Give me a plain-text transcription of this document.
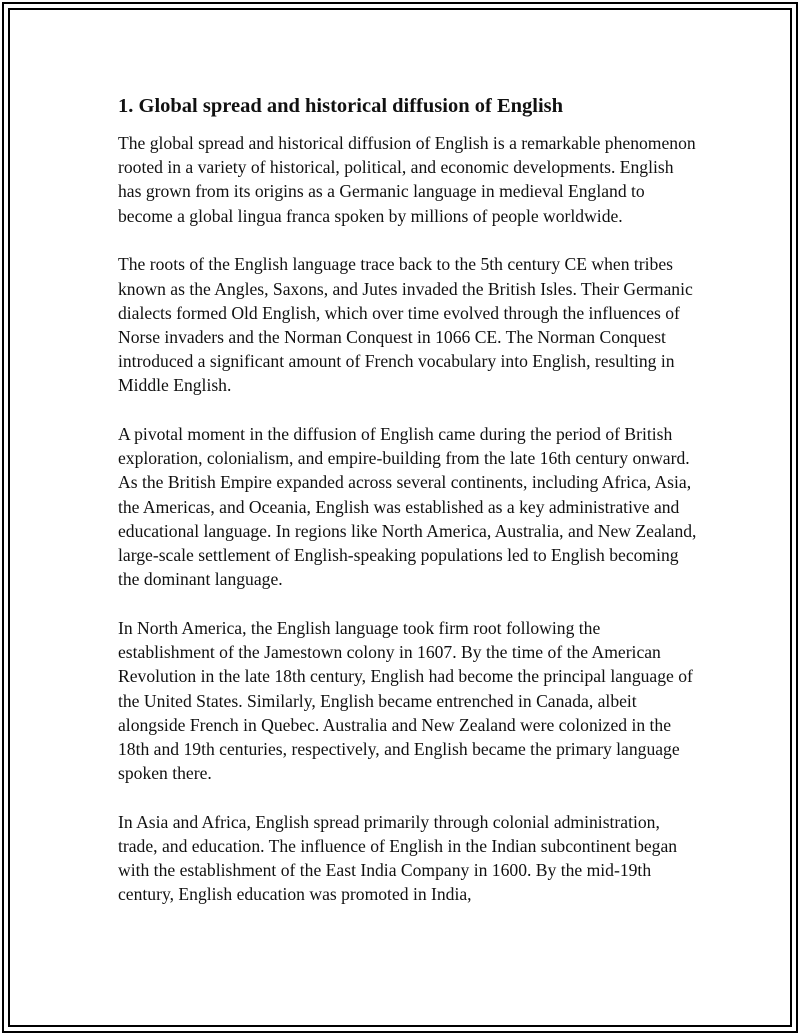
1. Global spread and historical diffusion of English

The global spread and historical diffusion of English is a remarkable phenomenon rooted in a variety of historical, political, and economic developments. English has grown from its origins as a Germanic language in medieval England to become a global lingua franca spoken by millions of people worldwide.

The roots of the English language trace back to the 5th century CE when tribes known as the Angles, Saxons, and Jutes invaded the British Isles. Their Germanic dialects formed Old English, which over time evolved through the influences of Norse invaders and the Norman Conquest in 1066 CE. The Norman Conquest introduced a significant amount of French vocabulary into English, resulting in Middle English.

A pivotal moment in the diffusion of English came during the period of British exploration, colonialism, and empire-building from the late 16th century onward. As the British Empire expanded across several continents, including Africa, Asia, the Americas, and Oceania, English was established as a key administrative and educational language. In regions like North America, Australia, and New Zealand, large-scale settlement of English-speaking populations led to English becoming the dominant language.

In North America, the English language took firm root following the establishment of the Jamestown colony in 1607. By the time of the American Revolution in the late 18th century, English had become the principal language of the United States. Similarly, English became entrenched in Canada, albeit alongside French in Quebec. Australia and New Zealand were colonized in the 18th and 19th centuries, respectively, and English became the primary language spoken there.

In Asia and Africa, English spread primarily through colonial administration, trade, and education. The influence of English in the Indian subcontinent began with the establishment of the East India Company in 1600. By the mid-19th century, English education was promoted in India,
